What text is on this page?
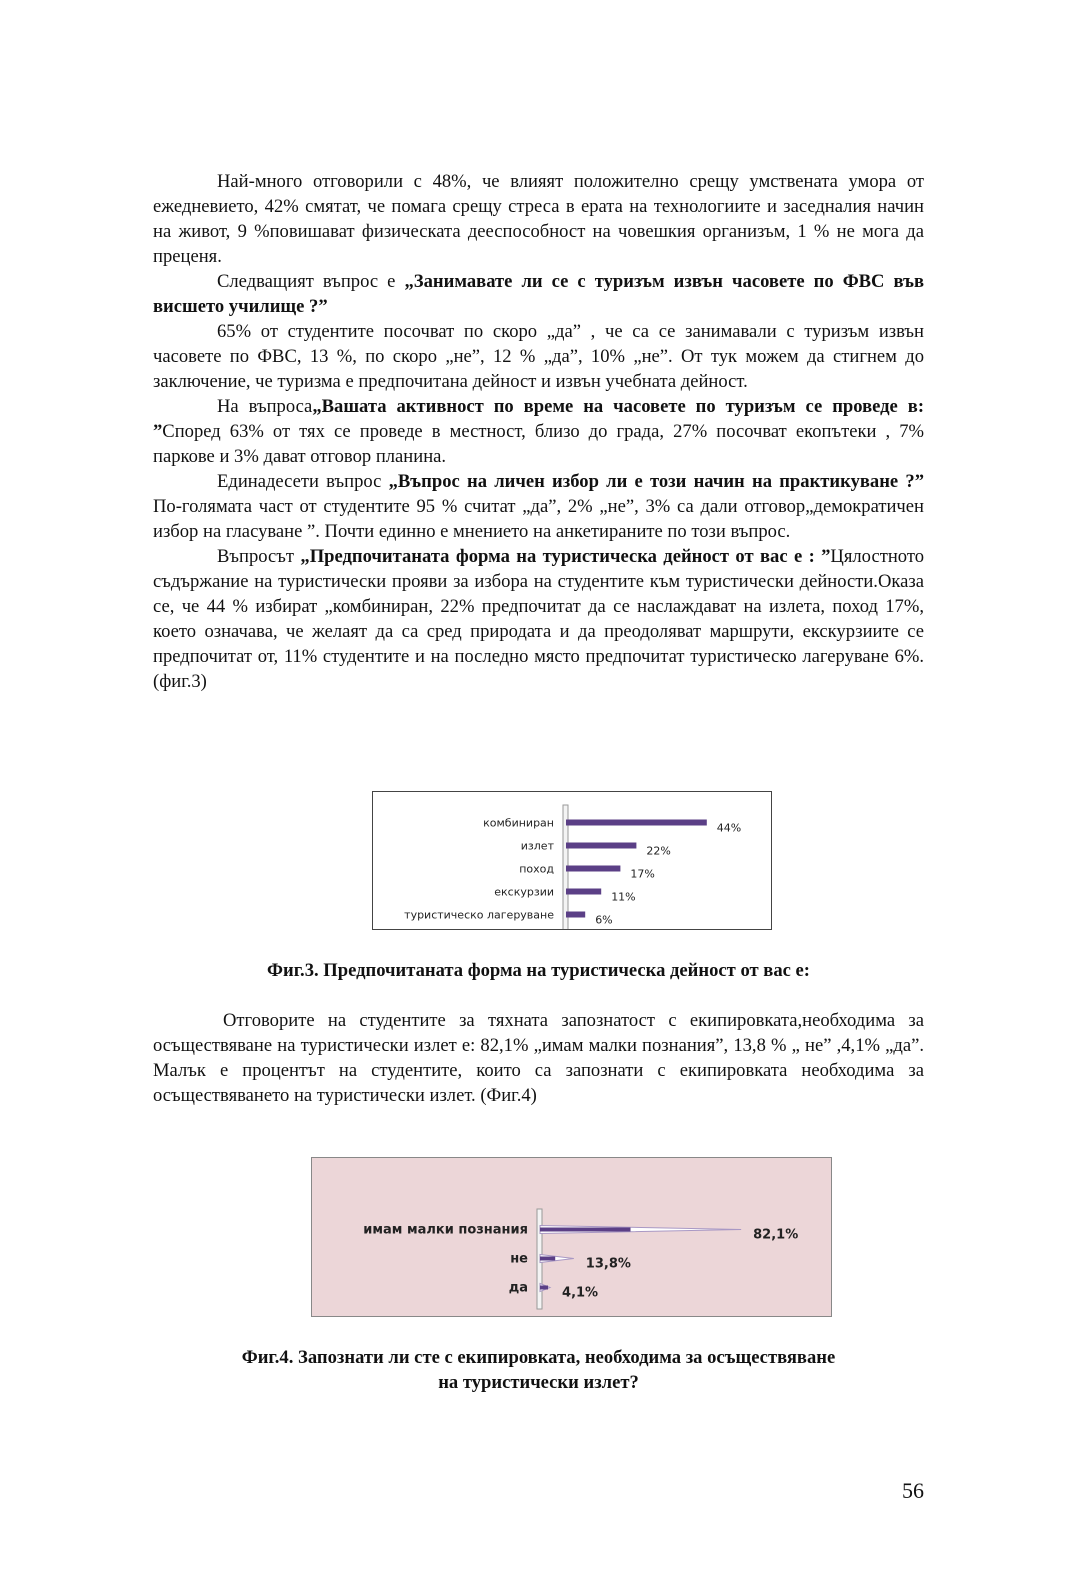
Най-много отговорили с 48%, че влияят положително срещу умствената умора от ежедневието, 42% смятат, че помага срещу стреса в ерата на технологиите и заседналия начин на живот, 9 %повишават физическата дееспособност на човешкия организъм, 1 % не мога да преценя.

Следващият въпрос е „Занимавате ли се с туризъм извън часовете по ФВС във висшето училище ?”

65% от студентите посочват по скоро „да” , че са се занимавали с туризъм извън часовете по ФВС, 13 %, по скоро „не”, 12 % „да”, 10% „не”. От тук можем да стигнем до заключение, че туризма е предпочитана дейност и извън учебната дейност.

На въпроса„Вашата активност по време на часовете по туризъм се проведе в: ”Според 63% от тях се проведе в местност, близо до града, 27% посочват екопътеки , 7% паркове и 3% дават отговор планина.

Единадесети въпрос „Въпрос на личен избор ли е този начин на практикуване ?” По-голямата част от студентите 95 % считат „да”, 2% „не”, 3% са дали отговор„демократичен избор на гласуване ”. Почти единно е мнението на анкетираните по този въпрос.

Въпросът „Предпочитаната форма на туристическа дейност от вас е : ”Цялостното съдържание на туристически прояви за избора на студентите към туристически дейности.Оказа се, че 44 % избират „комбиниран, 22% предпочитат да се наслаждават на излета, поход 17%, което означава, че желаят да са сред природата и да преодоляват маршрути, екскурзиите се предпочитат от, 11% студентите и на последно място предпочитат туристическо лагеруване 6%. (фиг.3)

комбиниран	44%
излет	22%
поход	17%
екскурзии	11%
туристическо лагеруване	6%
Фиг.3. Предпочитаната форма на туристическа дейност от вас е:

Отговорите на студентите за тяхната запознатост с екипировката,необходима за осъществяване на туристически излет е: 82,1% „имам малки познания”, 13,8 % „ не” ,4,1% „да”. Малък е процентът на студентите, които са запознати с екипировката необходима за осъществяването на туристически излет. (Фиг.4)

имам малки познания	82,1%
не	13,8%
да	4,1%
Фиг.4. Запознати ли сте с екипировката, необходима за осъществяване
на туристически излет?
56
